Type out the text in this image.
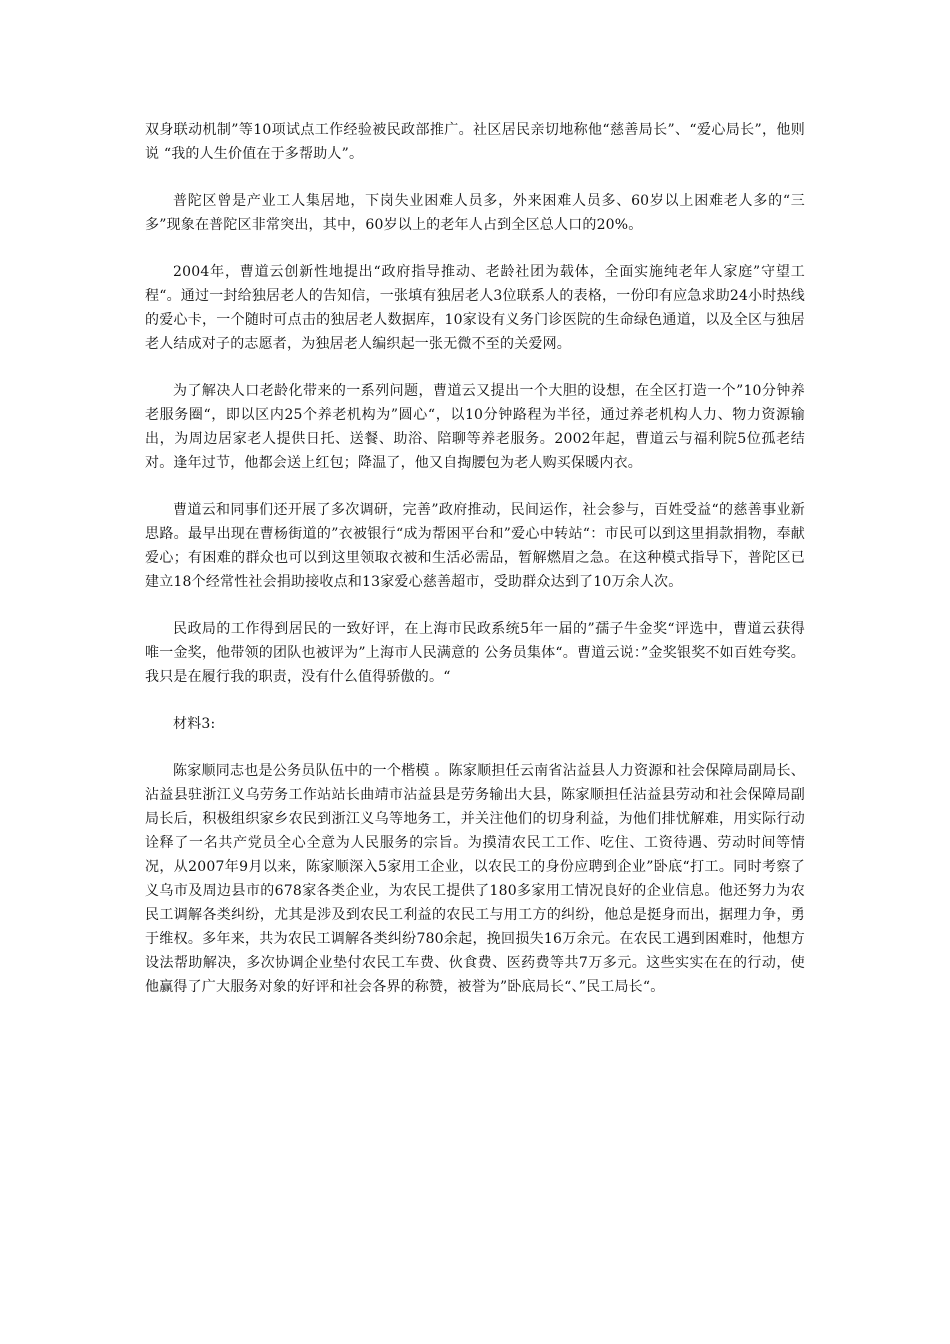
双身联动机制”等10项试点工作经验被民政部推广。社区居民亲切地称他“慈善局长”、“爱心局长”，他则说 “我的人生价值在于多帮助人”。

普陀区曾是产业工人集居地，下岗失业困难人员多，外来困难人员多、60岁以上困难老人多的“三多”现象在普陀区非常突出，其中，60岁以上的老年人占到全区总人口的20%。

2004年，曹道云创新性地提出“政府指导推动、老龄社团为载体，全面实施纯老年人家庭”守望工程“。通过一封给独居老人的告知信，一张填有独居老人3位联系人的表格，一份印有应急求助24小时热线的爱心卡，一个随时可点击的独居老人数据库，10家设有义务门诊医院的生命绿色通道，以及全区与独居老人结成对子的志愿者，为独居老人编织起一张无微不至的关爱网。

为了解决人口老龄化带来的一系列问题，曹道云又提出一个大胆的设想，在全区打造一个”10分钟养老服务圈“，即以区内25个养老机构为”圆心“，以10分钟路程为半径，通过养老机构人力、物力资源输出，为周边居家老人提供日托、送餐、助浴、陪聊等养老服务。2002年起，曹道云与福利院5位孤老结对。逢年过节，他都会送上红包；降温了，他又自掏腰包为老人购买保暖内衣。

曹道云和同事们还开展了多次调研，完善”政府推动，民间运作，社会参与，百姓受益“的慈善事业新思路。最早出现在曹杨街道的”衣被银行“成为帮困平台和”爱心中转站“：市民可以到这里捐款捐物，奉献爱心；有困难的群众也可以到这里领取衣被和生活必需品，暂解燃眉之急。在这种模式指导下，普陀区已建立18个经常性社会捐助接收点和13家爱心慈善超市，受助群众达到了10万余人次。

民政局的工作得到居民的一致好评，在上海市民政系统5年一届的”孺子牛金奖“评选中，曹道云获得唯一金奖，他带领的团队也被评为”上海市人民满意的 公务员集体“。曹道云说：”金奖银奖不如百姓夸奖。我只是在履行我的职责，没有什么值得骄傲的。“

材料3:

陈家顺同志也是公务员队伍中的一个楷模 。陈家顺担任云南省沾益县人力资源和社会保障局副局长、沾益县驻浙江义乌劳务工作站站长曲靖市沾益县是劳务输出大县，陈家顺担任沾益县劳动和社会保障局副局长后，积极组织家乡农民到浙江义乌等地务工，并关注他们的切身利益，为他们排忧解难，用实际行动诠释了一名共产党员全心全意为人民服务的宗旨。为摸清农民工工作、吃住、工资待遇、劳动时间等情况，从2007年9月以来，陈家顺深入5家用工企业，以农民工的身份应聘到企业”卧底“打工。同时考察了义乌市及周边县市的678家各类企业，为农民工提供了180多家用工情况良好的企业信息。他还努力为农民工调解各类纠纷，尤其是涉及到农民工利益的农民工与用工方的纠纷，他总是挺身而出，据理力争，勇于维权。多年来，共为农民工调解各类纠纷780余起，挽回损失16万余元。在农民工遇到困难时，他想方设法帮助解决，多次协调企业垫付农民工车费、伙食费、医药费等共7万多元。这些实实在在的行动，使他赢得了广大服务对象的好评和社会各界的称赞，被誉为”卧底局长“、”民工局长“。
